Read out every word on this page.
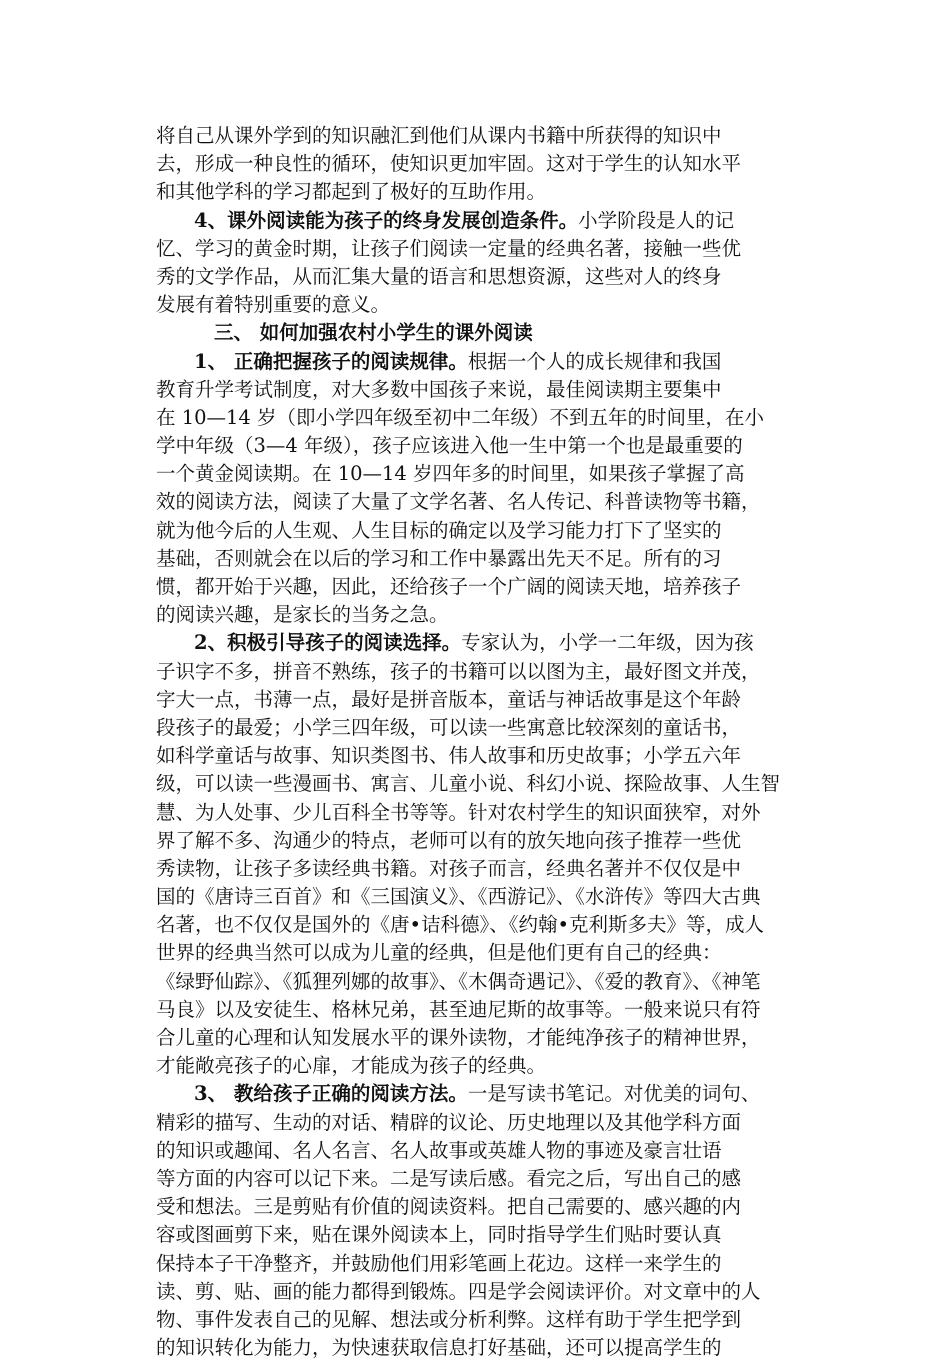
将自己从课外学到的知识融汇到他们从课内书籍中所获得的知识中
去，形成一种良性的循环，使知识更加牢固。这对于学生的认知水平
和其他学科的学习都起到了极好的互助作用。
4、课外阅读能为孩子的终身发展创造条件。小学阶段是人的记
忆、学习的黄金时期，让孩子们阅读一定量的经典名著，接触一些优
秀的文学作品，从而汇集大量的语言和思想资源，这些对人的终身
发展有着特别重要的意义。
三、 如何加强农村小学生的课外阅读
1、 正确把握孩子的阅读规律。根据一个人的成长规律和我国
教育升学考试制度，对大多数中国孩子来说，最佳阅读期主要集中
在 10—14 岁（即小学四年级至初中二年级）不到五年的时间里，在小
学中年级（3—4 年级），孩子应该进入他一生中第一个也是最重要的
一个黄金阅读期。在 10—14 岁四年多的时间里，如果孩子掌握了高
效的阅读方法，阅读了大量了文学名著、名人传记、科普读物等书籍，
就为他今后的人生观、人生目标的确定以及学习能力打下了坚实的
基础，否则就会在以后的学习和工作中暴露出先天不足。所有的习
惯，都开始于兴趣，因此，还给孩子一个广阔的阅读天地，培养孩子
的阅读兴趣，是家长的当务之急。
2、积极引导孩子的阅读选择。专家认为，小学一二年级，因为孩
子识字不多，拼音不熟练，孩子的书籍可以以图为主，最好图文并茂，
字大一点，书薄一点，最好是拼音版本，童话与神话故事是这个年龄
段孩子的最爱；小学三四年级，可以读一些寓意比较深刻的童话书，
如科学童话与故事、知识类图书、伟人故事和历史故事；小学五六年
级，可以读一些漫画书、寓言、儿童小说、科幻小说、探险故事、人生智
慧、为人处事、少儿百科全书等等。针对农村学生的知识面狭窄，对外
界了解不多、沟通少的特点，老师可以有的放矢地向孩子推荐一些优
秀读物，让孩子多读经典书籍。对孩子而言，经典名著并不仅仅是中
国的《唐诗三百首》和《三国演义》、《西游记》、《水浒传》等四大古典
名著，也不仅仅是国外的《唐•诘科德》、《约翰•克利斯多夫》等，成人
世界的经典当然可以成为儿童的经典，但是他们更有自己的经典：
《绿野仙踪》、《狐狸列娜的故事》、《木偶奇遇记》、《爱的教育》、《神笔
马良》以及安徒生、格林兄弟，甚至迪尼斯的故事等。一般来说只有符
合儿童的心理和认知发展水平的课外读物，才能纯净孩子的精神世界，
才能敞亮孩子的心扉，才能成为孩子的经典。
3、 教给孩子正确的阅读方法。一是写读书笔记。对优美的词句、
精彩的描写、生动的对话、精辟的议论、历史地理以及其他学科方面
的知识或趣闻、名人名言、名人故事或英雄人物的事迹及豪言壮语
等方面的内容可以记下来。二是写读后感。看完之后，写出自己的感
受和想法。三是剪贴有价值的阅读资料。把自己需要的、感兴趣的内
容或图画剪下来，贴在课外阅读本上，同时指导学生们贴时要认真
保持本子干净整齐，并鼓励他们用彩笔画上花边。这样一来学生的
读、剪、贴、画的能力都得到锻炼。四是学会阅读评价。对文章中的人
物、事件发表自己的见解、想法或分析利弊。这样有助于学生把学到
的知识转化为能力，为快速获取信息打好基础，还可以提高学生的
